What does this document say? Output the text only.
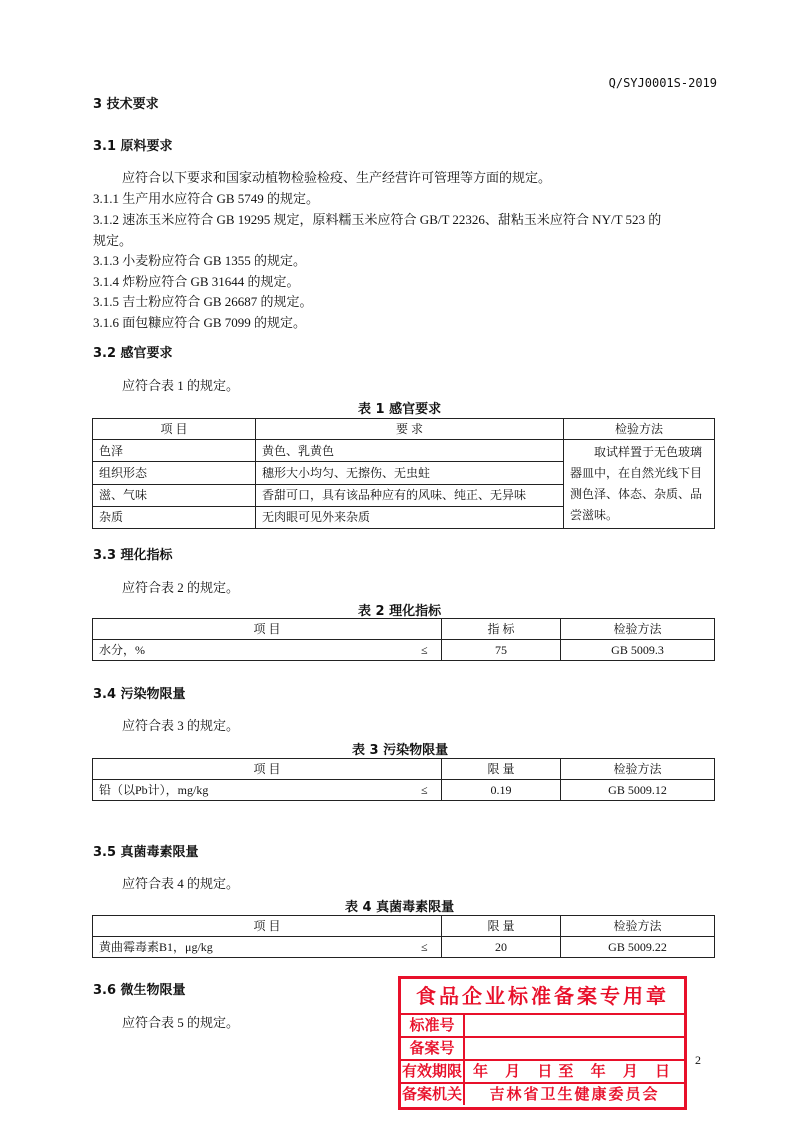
Q/SYJ0001S-2019
3 技术要求
3.1 原料要求
应符合以下要求和国家动植物检验检疫、生产经营许可管理等方面的规定。
3.1.1 生产用水应符合 GB 5749 的规定。
3.1.2 速冻玉米应符合 GB 19295 规定，原料糯玉米应符合 GB/T 22326、甜粘玉米应符合 NY/T 523 的
规定。
3.1.3 小麦粉应符合 GB 1355 的规定。
3.1.4 炸粉应符合 GB 31644 的规定。
3.1.5 吉士粉应符合 GB 26687 的规定。
3.1.6 面包糠应符合 GB 7099 的规定。
3.2 感官要求
应符合表 1 的规定。
表 1 感官要求
项 目	要 求	检验方法
色泽	黄色、乳黄色	取试样置于无色玻璃器皿中，在自然光线下目测色泽、体态、杂质、品尝滋味。
组织形态	穗形大小均匀、无擦伤、无虫蛀	
滋、气味	香甜可口，具有该品种应有的风味、纯正、无异味	
杂质	无肉眼可见外来杂质	
3.3 理化指标
应符合表 2 的规定。
表 2 理化指标
项 目		指 标	检验方法
水分，%	≤	75	GB 5009.3
3.4 污染物限量
应符合表 3 的规定。
表 3 污染物限量
项 目		限 量	检验方法
铅（以Pb计），mg/kg	≤	0.19	GB 5009.12
3.5 真菌毒素限量
应符合表 4 的规定。
表 4 真菌毒素限量
项 目		限 量	检验方法
黄曲霉毒素B1，μg/kg	≤	20	GB 5009.22
3.6 微生物限量
应符合表 5 的规定。
食品企业标准备案专用章
标准号
备案号
有效期限 年 月 日至 年 月 日
备案机关	吉林省卫生健康委员会
2
